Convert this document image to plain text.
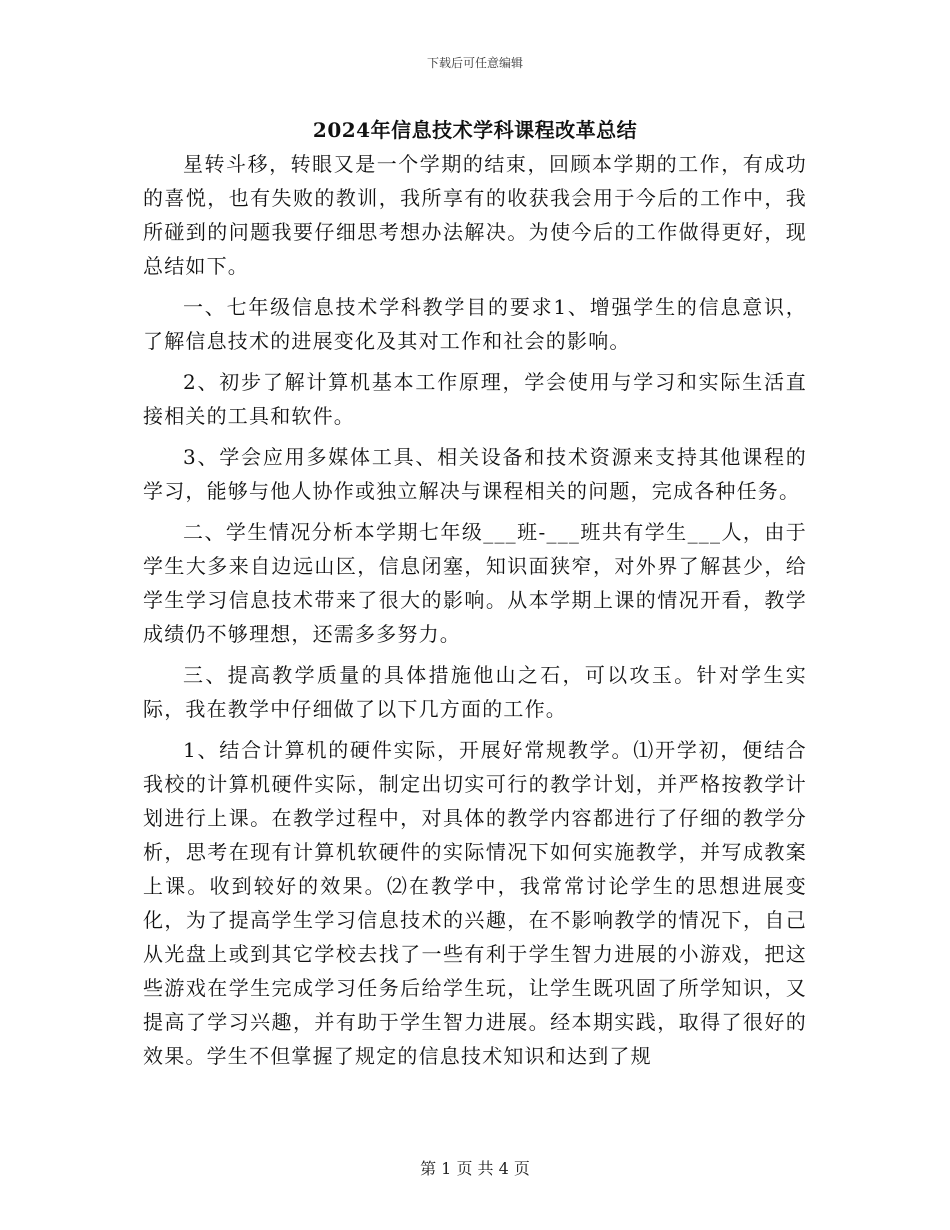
下载后可任意编辑
2024年信息技术学科课程改革总结

星转斗移，转眼又是一个学期的结束，回顾本学期的工作，有成功的喜悦，也有失败的教训，我所享有的收获我会用于今后的工作中，我所碰到的问题我要仔细思考想办法解决。为使今后的工作做得更好，现总结如下。

一、七年级信息技术学科教学目的要求1、增强学生的信息意识，了解信息技术的进展变化及其对工作和社会的影响。

2、初步了解计算机基本工作原理，学会使用与学习和实际生活直接相关的工具和软件。

3、学会应用多媒体工具、相关设备和技术资源来支持其他课程的学习，能够与他人协作或独立解决与课程相关的问题，完成各种任务。

二、学生情况分析本学期七年级___班-___班共有学生___人，由于学生大多来自边远山区，信息闭塞，知识面狭窄，对外界了解甚少，给学生学习信息技术带来了很大的影响。从本学期上课的情况开看，教学成绩仍不够理想，还需多多努力。

三、提高教学质量的具体措施他山之石，可以攻玉。针对学生实际，我在教学中仔细做了以下几方面的工作。

1、结合计算机的硬件实际，开展好常规教学。⑴开学初，便结合我校的计算机硬件实际，制定出切实可行的教学计划，并严格按教学计划进行上课。在教学过程中，对具体的教学内容都进行了仔细的教学分析，思考在现有计算机软硬件的实际情况下如何实施教学，并写成教案上课。收到较好的效果。⑵在教学中，我常常讨论学生的思想进展变化，为了提高学生学习信息技术的兴趣，在不影响教学的情况下，自己从光盘上或到其它学校去找了一些有利于学生智力进展的小游戏，把这些游戏在学生完成学习任务后给学生玩，让学生既巩固了所学知识，又提高了学习兴趣，并有助于学生智力进展。经本期实践，取得了很好的效果。学生不但掌握了规定的信息技术知识和达到了规

第 1 页 共 4 页
